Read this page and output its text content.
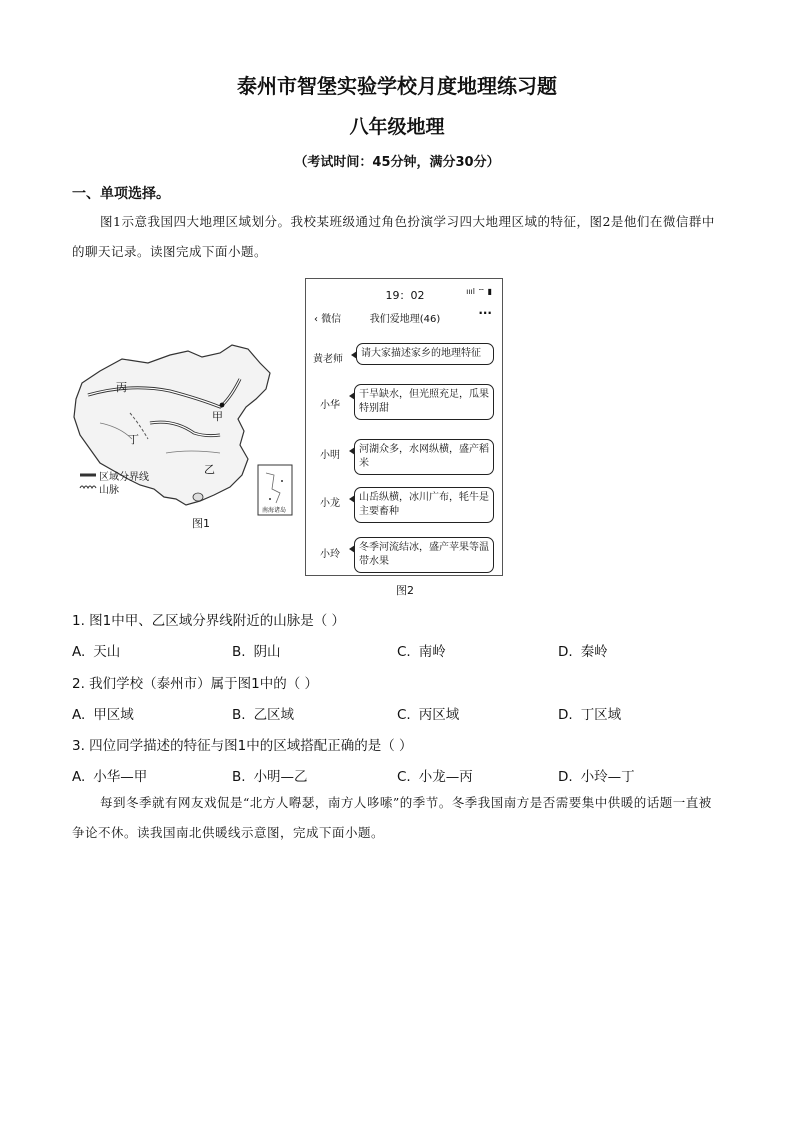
泰州市智堡实验学校月度地理练习题
八年级地理
（考试时间：45分钟，满分30分）
一、单项选择。
图1示意我国四大地理区域划分。我校某班级通过角色扮演学习四大地理区域的特征，图2是他们在微信群中的聊天记录。读图完成下面小题。
丙
甲
丁
乙
区域分界线
山脉
南海诸岛
图1
19：02	ıııl ⌔ ▮
‹ 微信	我们爱地理(46)	···
黄老师
请大家描述家乡的地理特征
小华
干旱缺水，但光照充足，瓜果特别甜
小明
河湖众多，水网纵横，盛产稻米
小龙
山岳纵横，冰川广布，牦牛是主要畜种
小玲
冬季河流结冰，盛产苹果等温带水果
图2
1. 图1中甲、乙区域分界线附近的山脉是（ ）
A. 天山	B. 阴山	C. 南岭	D. 秦岭
2. 我们学校（泰州市）属于图1中的（ ）
A. 甲区域	B. 乙区域	C. 丙区域	D. 丁区域
3. 四位同学描述的特征与图1中的区域搭配正确的是（ ）
A. 小华—甲	B. 小明—乙	C. 小龙—丙	D. 小玲—丁
每到冬季就有网友戏侃是“北方人嘚瑟，南方人哆嗦”的季节。冬季我国南方是否需要集中供暖的话题一直被争论不休。读我国南北供暖线示意图，完成下面小题。
